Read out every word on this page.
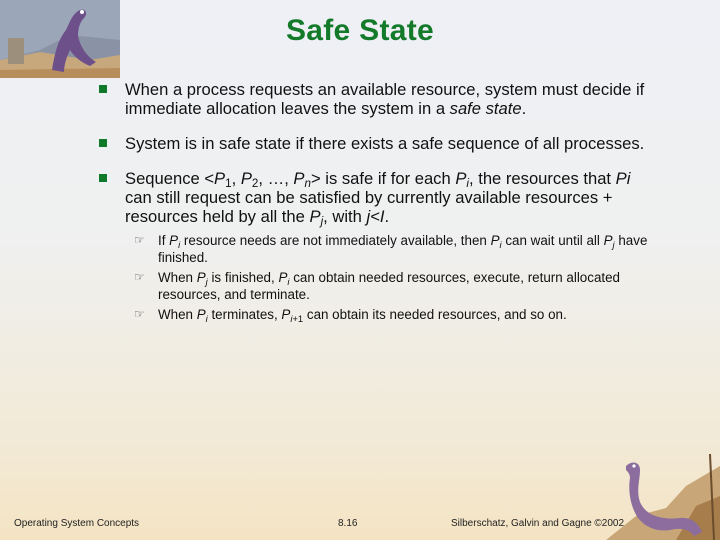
Safe State
When a process requests an available resource, system must decide if immediate allocation leaves the system in a safe state.
System is in safe state if there exists a safe sequence of all processes.
Sequence $<P_1$, $P_2$, …, $P_n>$ is safe if for each $P_i$, the resources that Pi can still request can be satisfied by currently available resources + resources held by all the $P_j$, with j<I.
☞ If $P_i$ resource needs are not immediately available, then $P_i$ can wait until all $P_j$ have finished.
☞ When $P_j$ is finished, $P_i$ can obtain needed resources, execute, return allocated resources, and terminate.
☞ When $P_i$ terminates, $P_{i+1}$ can obtain its needed resources, and so on.
Operating System Concepts	8.16	Silberschatz, Galvin and Gagne ©2002
